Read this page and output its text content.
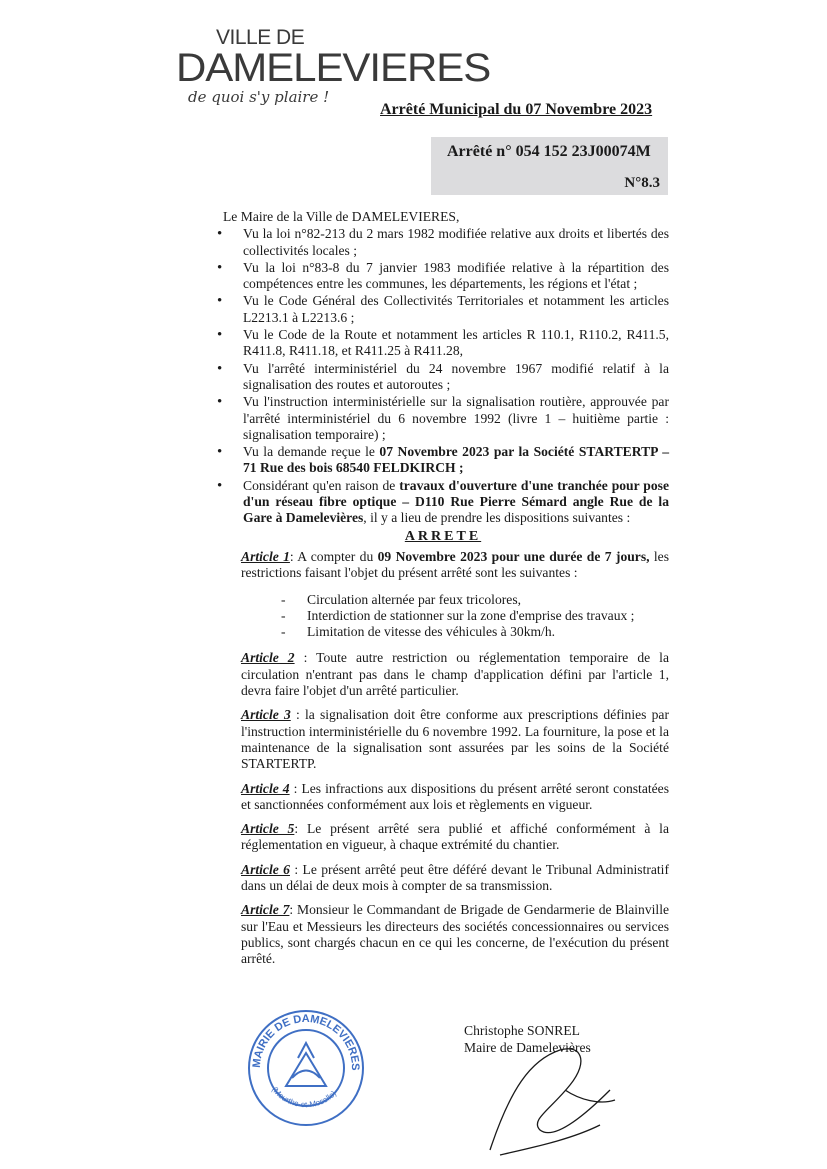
VILLE DE
DAMELEVIERES
de quoi s'y plaire !
Arrêté Municipal du 07 Novembre 2023
Arrêté n° 054 152 23J00074M
N°8.3

Le Maire de la Ville de DAMELEVIERES,

• Vu la loi n°82-213 du 2 mars 1982 modifiée relative aux droits et libertés des collectivités locales ;
• Vu la loi n°83-8 du 7 janvier 1983 modifiée relative à la répartition des compétences entre les communes, les départements, les régions et l'état ;
• Vu le Code Général des Collectivités Territoriales et notamment les articles L2213.1 à L2213.6 ;
• Vu le Code de la Route et notamment les articles R 110.1, R110.2, R411.5, R411.8, R411.18, et R411.25 à R411.28,
• Vu l'arrêté interministériel du 24 novembre 1967 modifié relatif à la signalisation des routes et autoroutes ;
• Vu l'instruction interministérielle sur la signalisation routière, approuvée par l'arrêté interministériel du 6 novembre 1992 (livre 1 – huitième partie : signalisation temporaire) ;
• Vu la demande reçue le 07 Novembre 2023 par la Société STARTERTP – 71 Rue des bois 68540 FELDKIRCH ;
• Considérant qu'en raison de travaux d'ouverture d'une tranchée pour pose d'un réseau fibre optique – D110 Rue Pierre Sémard angle Rue de la Gare à Damelevières, il y a lieu de prendre les dispositions suivantes :
ARRETE
Article 1: A compter du 09 Novembre 2023 pour une durée de 7 jours, les restrictions faisant l'objet du présent arrêté sont les suivantes :
- Circulation alternée par feux tricolores,
- Interdiction de stationner sur la zone d'emprise des travaux ;
- Limitation de vitesse des véhicules à 30km/h.
Article 2 : Toute autre restriction ou réglementation temporaire de la circulation n'entrant pas dans le champ d'application défini par l'article 1, devra faire l'objet d'un arrêté particulier.
Article 3 : la signalisation doit être conforme aux prescriptions définies par l'instruction interministérielle du 6 novembre 1992. La fourniture, la pose et la maintenance de la signalisation sont assurées par les soins de la Société STARTERTP.
Article 4 : Les infractions aux dispositions du présent arrêté seront constatées et sanctionnées conformément aux lois et règlements en vigueur.
Article 5: Le présent arrêté sera publié et affiché conformément à la réglementation en vigueur, à chaque extrémité du chantier.
Article 6 : Le présent arrêté peut être déféré devant le Tribunal Administratif dans un délai de deux mois à compter de sa transmission.
Article 7: Monsieur le Commandant de Brigade de Gendarmerie de Blainville sur l'Eau et Messieurs les directeurs des sociétés concessionnaires ou services publics, sont chargés chacun en ce qui les concerne, de l'exécution du présent arrêté.
MAIRIE DE DAMELEVIERES
(Meurthe-et-Moselle)
Christophe SONREL
Maire de Damelevières
